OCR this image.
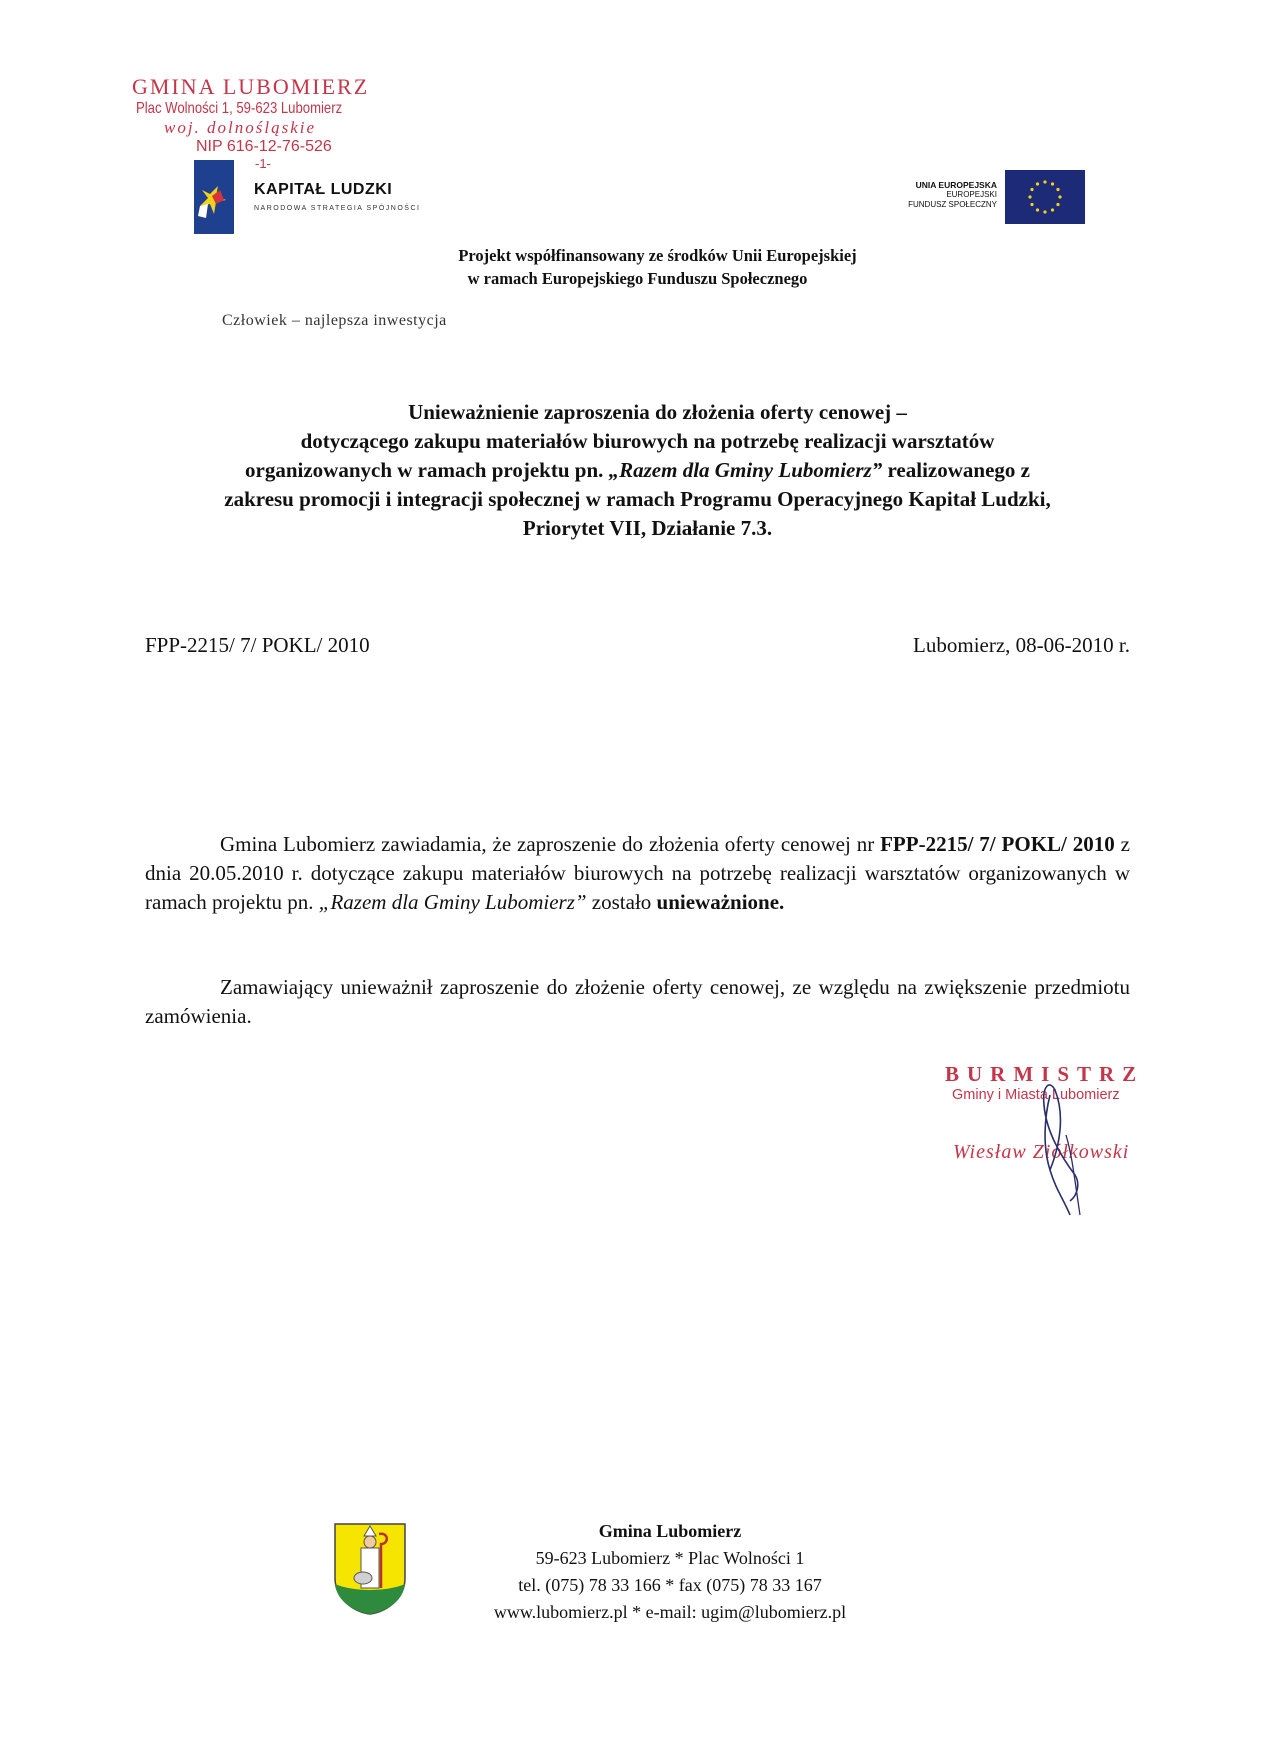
GMINA LUBOMIERZ
Plac Wolności 1, 59-623 Lubomierz
woj. dolnośląskie
NIP 616-12-76-526
-1-
KAPITAŁ LUDZKI
NARODOWA STRATEGIA SPÓJNOŚCI
UNIA EUROPEJSKA
EUROPEJSKI
FUNDUSZ SPOŁECZNY
Projekt współfinansowany ze środków Unii Europejskiej
w ramach Europejskiego Funduszu Społecznego
Człowiek – najlepsza inwestycja
Unieważnienie zaproszenia do złożenia oferty cenowej –
dotyczącego zakupu materiałów biurowych na potrzebę realizacji warsztatów
organizowanych w ramach projektu pn. „Razem dla Gminy Lubomierz” realizowanego z
zakresu promocji i integracji społecznej w ramach Programu Operacyjnego Kapitał Ludzki,
Priorytet VII, Działanie 7.3.
FPP-2215/ 7/ POKL/ 2010	Lubomierz, 08-06-2010 r.
Gmina Lubomierz zawiadamia, że zaproszenie do złożenia oferty cenowej nr FPP-2215/ 7/ POKL/ 2010 z dnia 20.05.2010 r. dotyczące zakupu materiałów biurowych na potrzebę realizacji warsztatów organizowanych w ramach projektu pn. „Razem dla Gminy Lubomierz” zostało unieważnione.
Zamawiający unieważnił zaproszenie do złożenie oferty cenowej, ze względu na zwiększenie przedmiotu zamówienia.
BURMISTRZ
Gminy i Miasta Lubomierz
Wiesław Ziółkowski
Gmina Lubomierz
59-623 Lubomierz * Plac Wolności 1
tel. (075) 78 33 166 * fax (075) 78 33 167
www.lubomierz.pl * e-mail: ugim@lubomierz.pl
